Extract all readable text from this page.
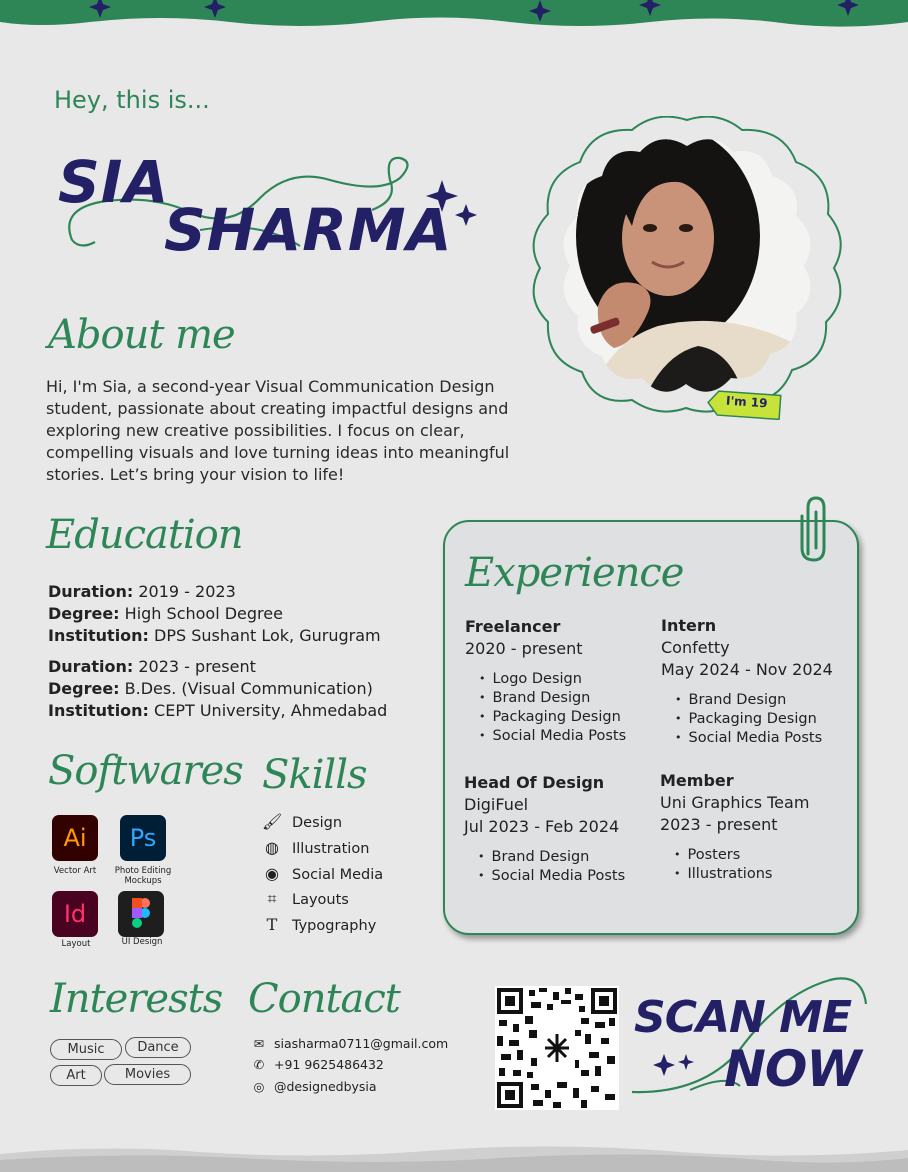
Hey, this is...
SIA
SHARMA
I'm 19
About me
Hi, I'm Sia, a second-year Visual Communication Design student, passionate about creating impactful designs and exploring new creative possibilities. I focus on clear, compelling visuals and love turning ideas into meaningful stories. Let’s bring your vision to life!
Education

Duration: 2019 - 2023

Degree: High School Degree

Institution: DPS Sushant Lok, Gurugram

Duration: 2023 - present

Degree: B.Des. (Visual Communication)

Institution: CEPT University, Ahmedabad

Experience
Freelancer
2020 - present
• Logo Design
• Brand Design
• Packaging Design
• Social Media Posts
Intern
Confetty
May 2024 - Nov 2024
• Brand Design
• Packaging Design
• Social Media Posts
Head Of Design
DigiFuel
Jul 2023 - Feb 2024
• Brand Design
• Social Media Posts
Member
Uni Graphics Team
2023 - present
• Posters
• Illustrations
Softwares
Ai
Vector Art
Ps
Photo Editing Mockups
Id
Layout	UI Design
Skills
🖌 Design
◍ Illustration
◉ Social Media
⌗ Layouts
T Typography
Interests
Music	Dance
Art	Movies
Contact
✉ siasharma0711@gmail.com
✆ +91 9625486432
◎ @designedbysia
SCAN ME
NOW
